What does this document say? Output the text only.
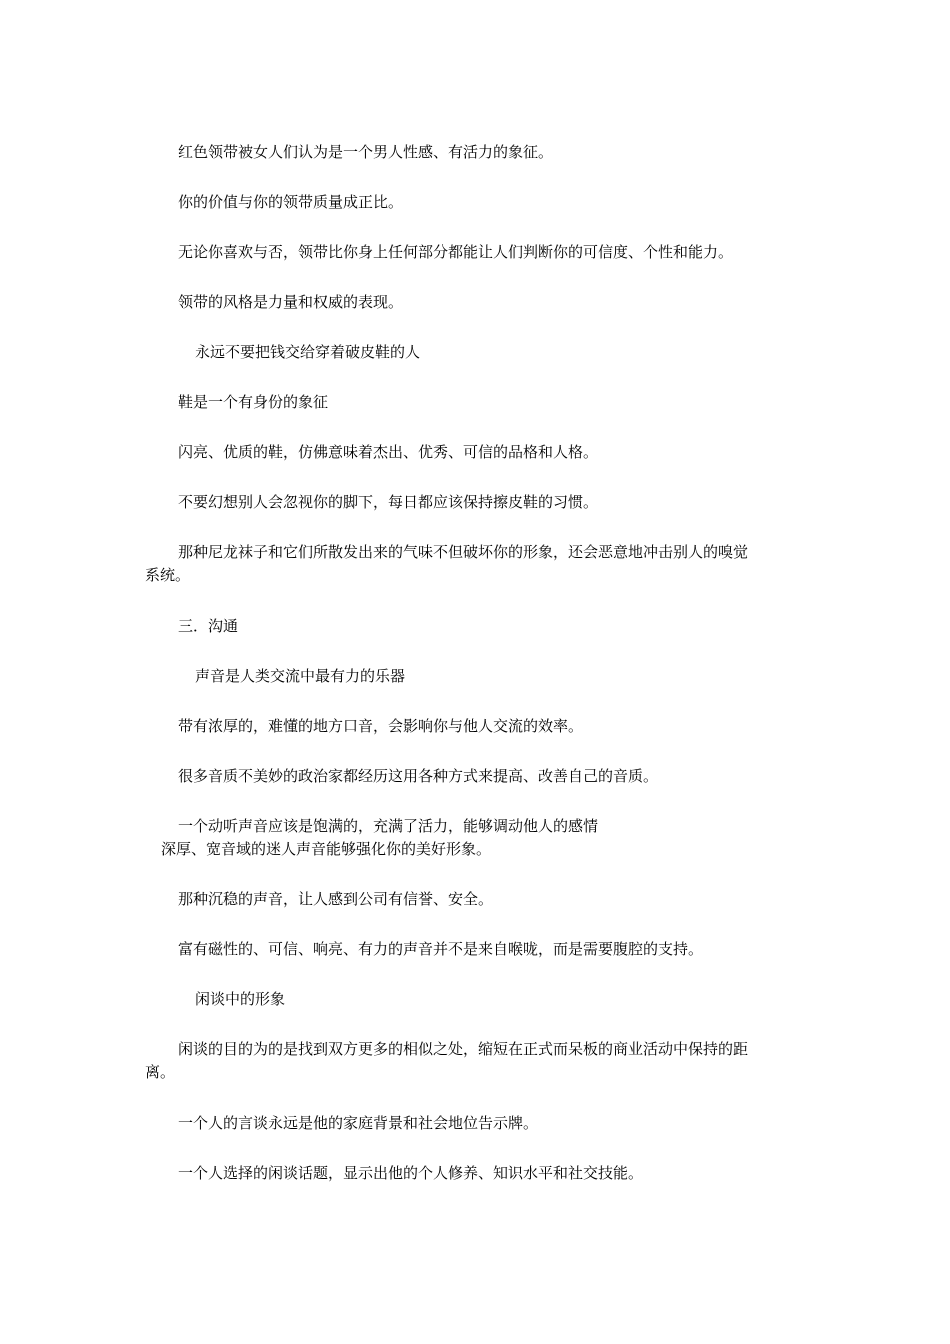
红色领带被女人们认为是一个男人性感、有活力的象征。
你的价值与你的领带质量成正比。
无论你喜欢与否，领带比你身上任何部分都能让人们判断你的可信度、个性和能力。
领带的风格是力量和权威的表现。
永远不要把钱交给穿着破皮鞋的人
鞋是一个有身份的象征
闪亮、优质的鞋，仿佛意味着杰出、优秀、可信的品格和人格。
不要幻想别人会忽视你的脚下，每日都应该保持擦皮鞋的习惯。
那种尼龙袜子和它们所散发出来的气味不但破坏你的形象，还会恶意地冲击别人的嗅觉
系统。
三．沟通
声音是人类交流中最有力的乐器
带有浓厚的，难懂的地方口音，会影响你与他人交流的效率。
很多音质不美妙的政治家都经历这用各种方式来提高、改善自己的音质。
一个动听声音应该是饱满的，充满了活力，能够调动他人的感情
深厚、宽音域的迷人声音能够强化你的美好形象。
那种沉稳的声音，让人感到公司有信誉、安全。
富有磁性的、可信、响亮、有力的声音并不是来自喉咙，而是需要腹腔的支持。
闲谈中的形象
闲谈的目的为的是找到双方更多的相似之处，缩短在正式而呆板的商业活动中保持的距
离。
一个人的言谈永远是他的家庭背景和社会地位告示牌。
一个人选择的闲谈话题，显示出他的个人修养、知识水平和社交技能。
